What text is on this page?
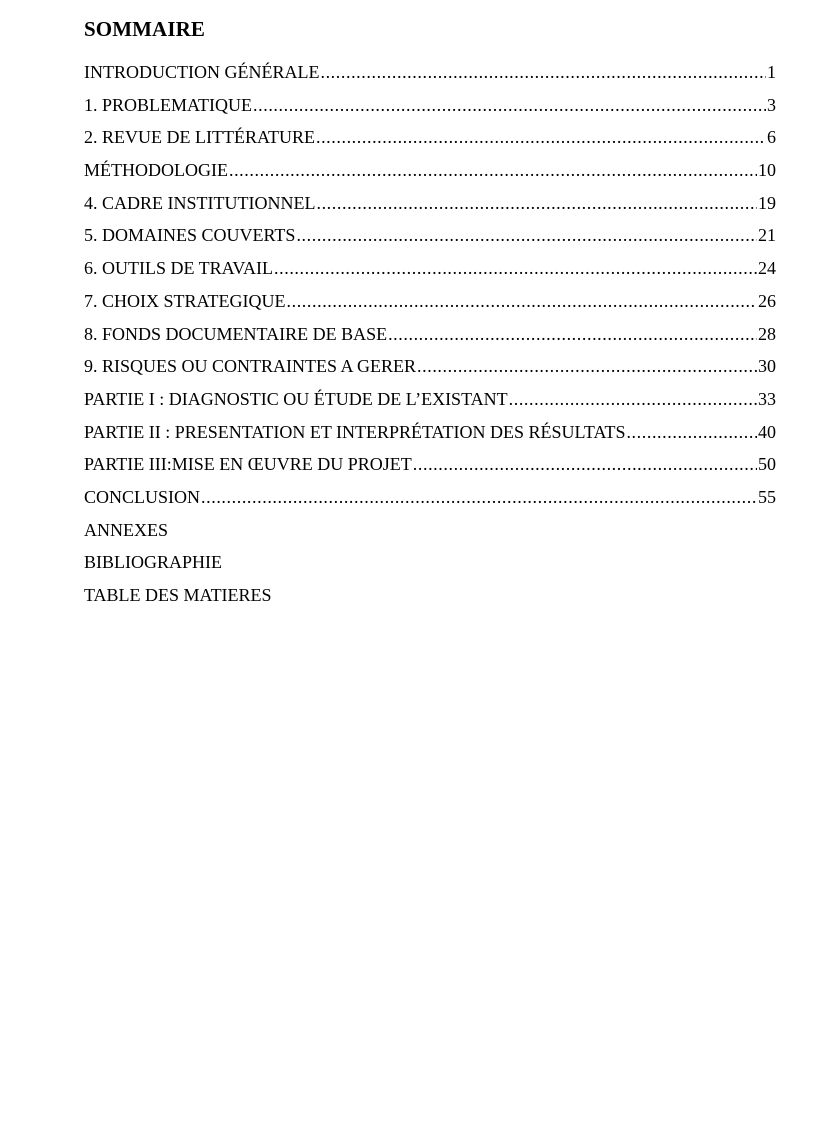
SOMMAIRE
INTRODUCTION GÉNÉRALE .....	1
1. PROBLEMATIQUE .....	3
2. REVUE DE LITTÉRATURE .....	6
MÉTHODOLOGIE .....	10
4. CADRE INSTITUTIONNEL .....	19
5. DOMAINES COUVERTS .....	21
6. OUTILS DE TRAVAIL .....	24
7. CHOIX STRATEGIQUE .....	26
8. FONDS DOCUMENTAIRE DE BASE .....	28
9. RISQUES OU CONTRAINTES A GERER .....	30
PARTIE I : DIAGNOSTIC OU ÉTUDE DE L’EXISTANT .....	33
PARTIE II : PRESENTATION ET INTERPRÉTATION DES RÉSULTATS .....	40
PARTIE III:MISE EN ŒUVRE DU PROJET .....	50
CONCLUSION .....	55
ANNEXES
BIBLIOGRAPHIE
TABLE DES MATIERES
